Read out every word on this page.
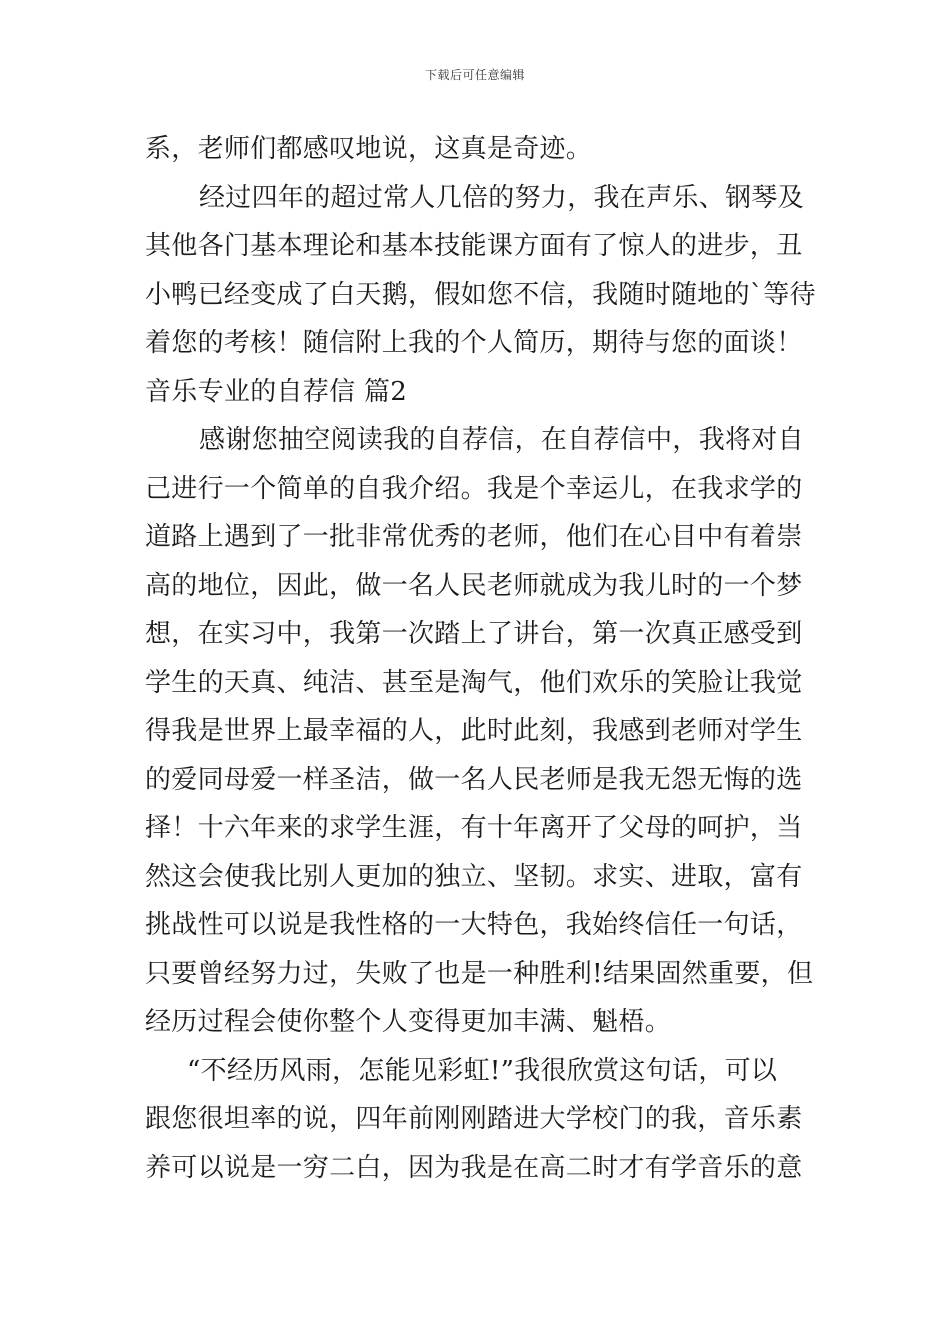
下载后可任意编辑
系，老师们都感叹地说，这真是奇迹。
经过四年的超过常人几倍的努力，我在声乐、钢琴及
其他各门基本理论和基本技能课方面有了惊人的进步，丑
小鸭已经变成了白天鹅，假如您不信，我随时随地的`等待
着您的考核！随信附上我的个人简历，期待与您的面谈！
音乐专业的自荐信 篇2
感谢您抽空阅读我的自荐信，在自荐信中，我将对自
己进行一个简单的自我介绍。我是个幸运儿，在我求学的
道路上遇到了一批非常优秀的老师，他们在心目中有着崇
高的地位，因此，做一名人民老师就成为我儿时的一个梦
想，在实习中，我第一次踏上了讲台，第一次真正感受到
学生的天真、纯洁、甚至是淘气，他们欢乐的笑脸让我觉
得我是世界上最幸福的人，此时此刻，我感到老师对学生
的爱同母爱一样圣洁，做一名人民老师是我无怨无悔的选
择！十六年来的求学生涯，有十年离开了父母的呵护，当
然这会使我比别人更加的独立、坚韧。求实、进取，富有
挑战性可以说是我性格的一大特色，我始终信任一句话，
只要曾经努力过，失败了也是一种胜利!结果固然重要，但
经历过程会使你整个人变得更加丰满、魁梧。
“不经历风雨，怎能见彩虹!”我很欣赏这句话，可以
跟您很坦率的说，四年前刚刚踏进大学校门的我，音乐素
养可以说是一穷二白，因为我是在高二时才有学音乐的意
